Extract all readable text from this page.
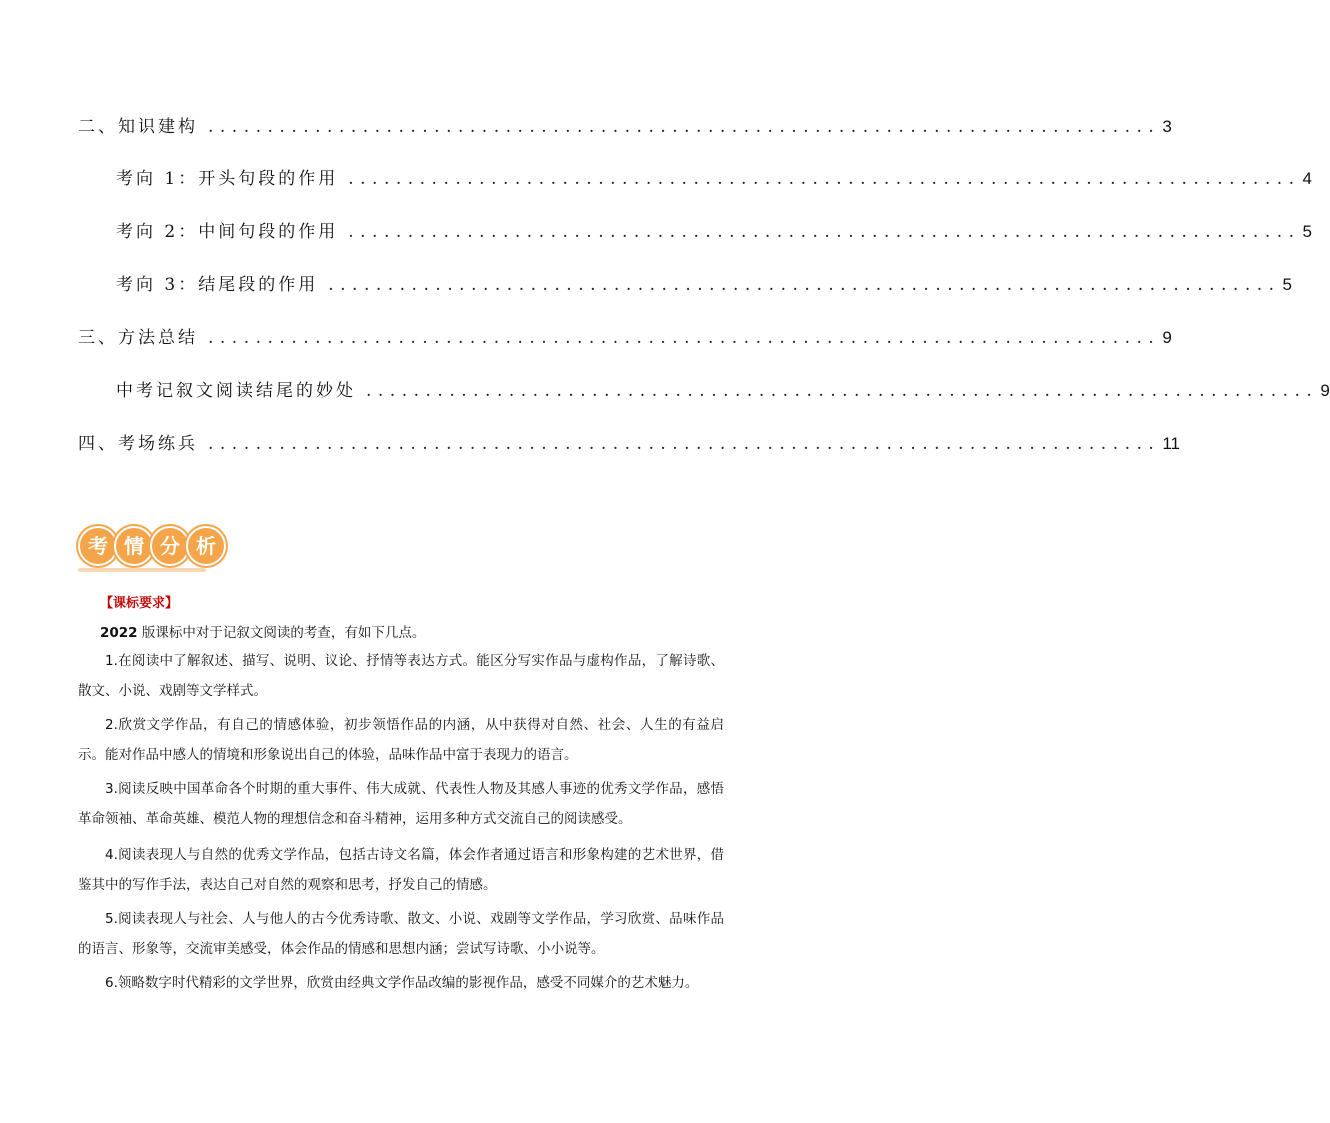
二、知识建构 ................................................................................ 3
考向 1：开头句段的作用 ................................................................................ 4
考向 2：中间句段的作用 ................................................................................ 5
考向 3：结尾段的作用 ................................................................................ 5
三、方法总结 ................................................................................ 9
中考记叙文阅读结尾的妙处 ................................................................................ 9
四、考场练兵 ................................................................................ 11
考 情 分 析
【课标要求】
2022 版课标中对于记叙文阅读的考查，有如下几点。
1.在阅读中了解叙述、描写、说明、议论、抒情等表达方式。能区分写实作品与虚构作品，了解诗歌、散文、小说、戏剧等文学样式。
2.欣赏文学作品，有自己的情感体验，初步领悟作品的内涵，从中获得对自然、社会、人生的有益启示。能对作品中感人的情境和形象说出自己的体验，品味作品中富于表现力的语言。
3.阅读反映中国革命各个时期的重大事件、伟大成就、代表性人物及其感人事迹的优秀文学作品，感悟革命领袖、革命英雄、模范人物的理想信念和奋斗精神，运用多种方式交流自己的阅读感受。
4.阅读表现人与自然的优秀文学作品，包括古诗文名篇，体会作者通过语言和形象构建的艺术世界，借鉴其中的写作手法，表达自己对自然的观察和思考，抒发自己的情感。
5.阅读表现人与社会、人与他人的古今优秀诗歌、散文、小说、戏剧等文学作品，学习欣赏、品味作品的语言、形象等，交流审美感受，体会作品的情感和思想内涵；尝试写诗歌、小小说等。
6.领略数字时代精彩的文学世界，欣赏由经典文学作品改编的影视作品，感受不同媒介的艺术魅力。
